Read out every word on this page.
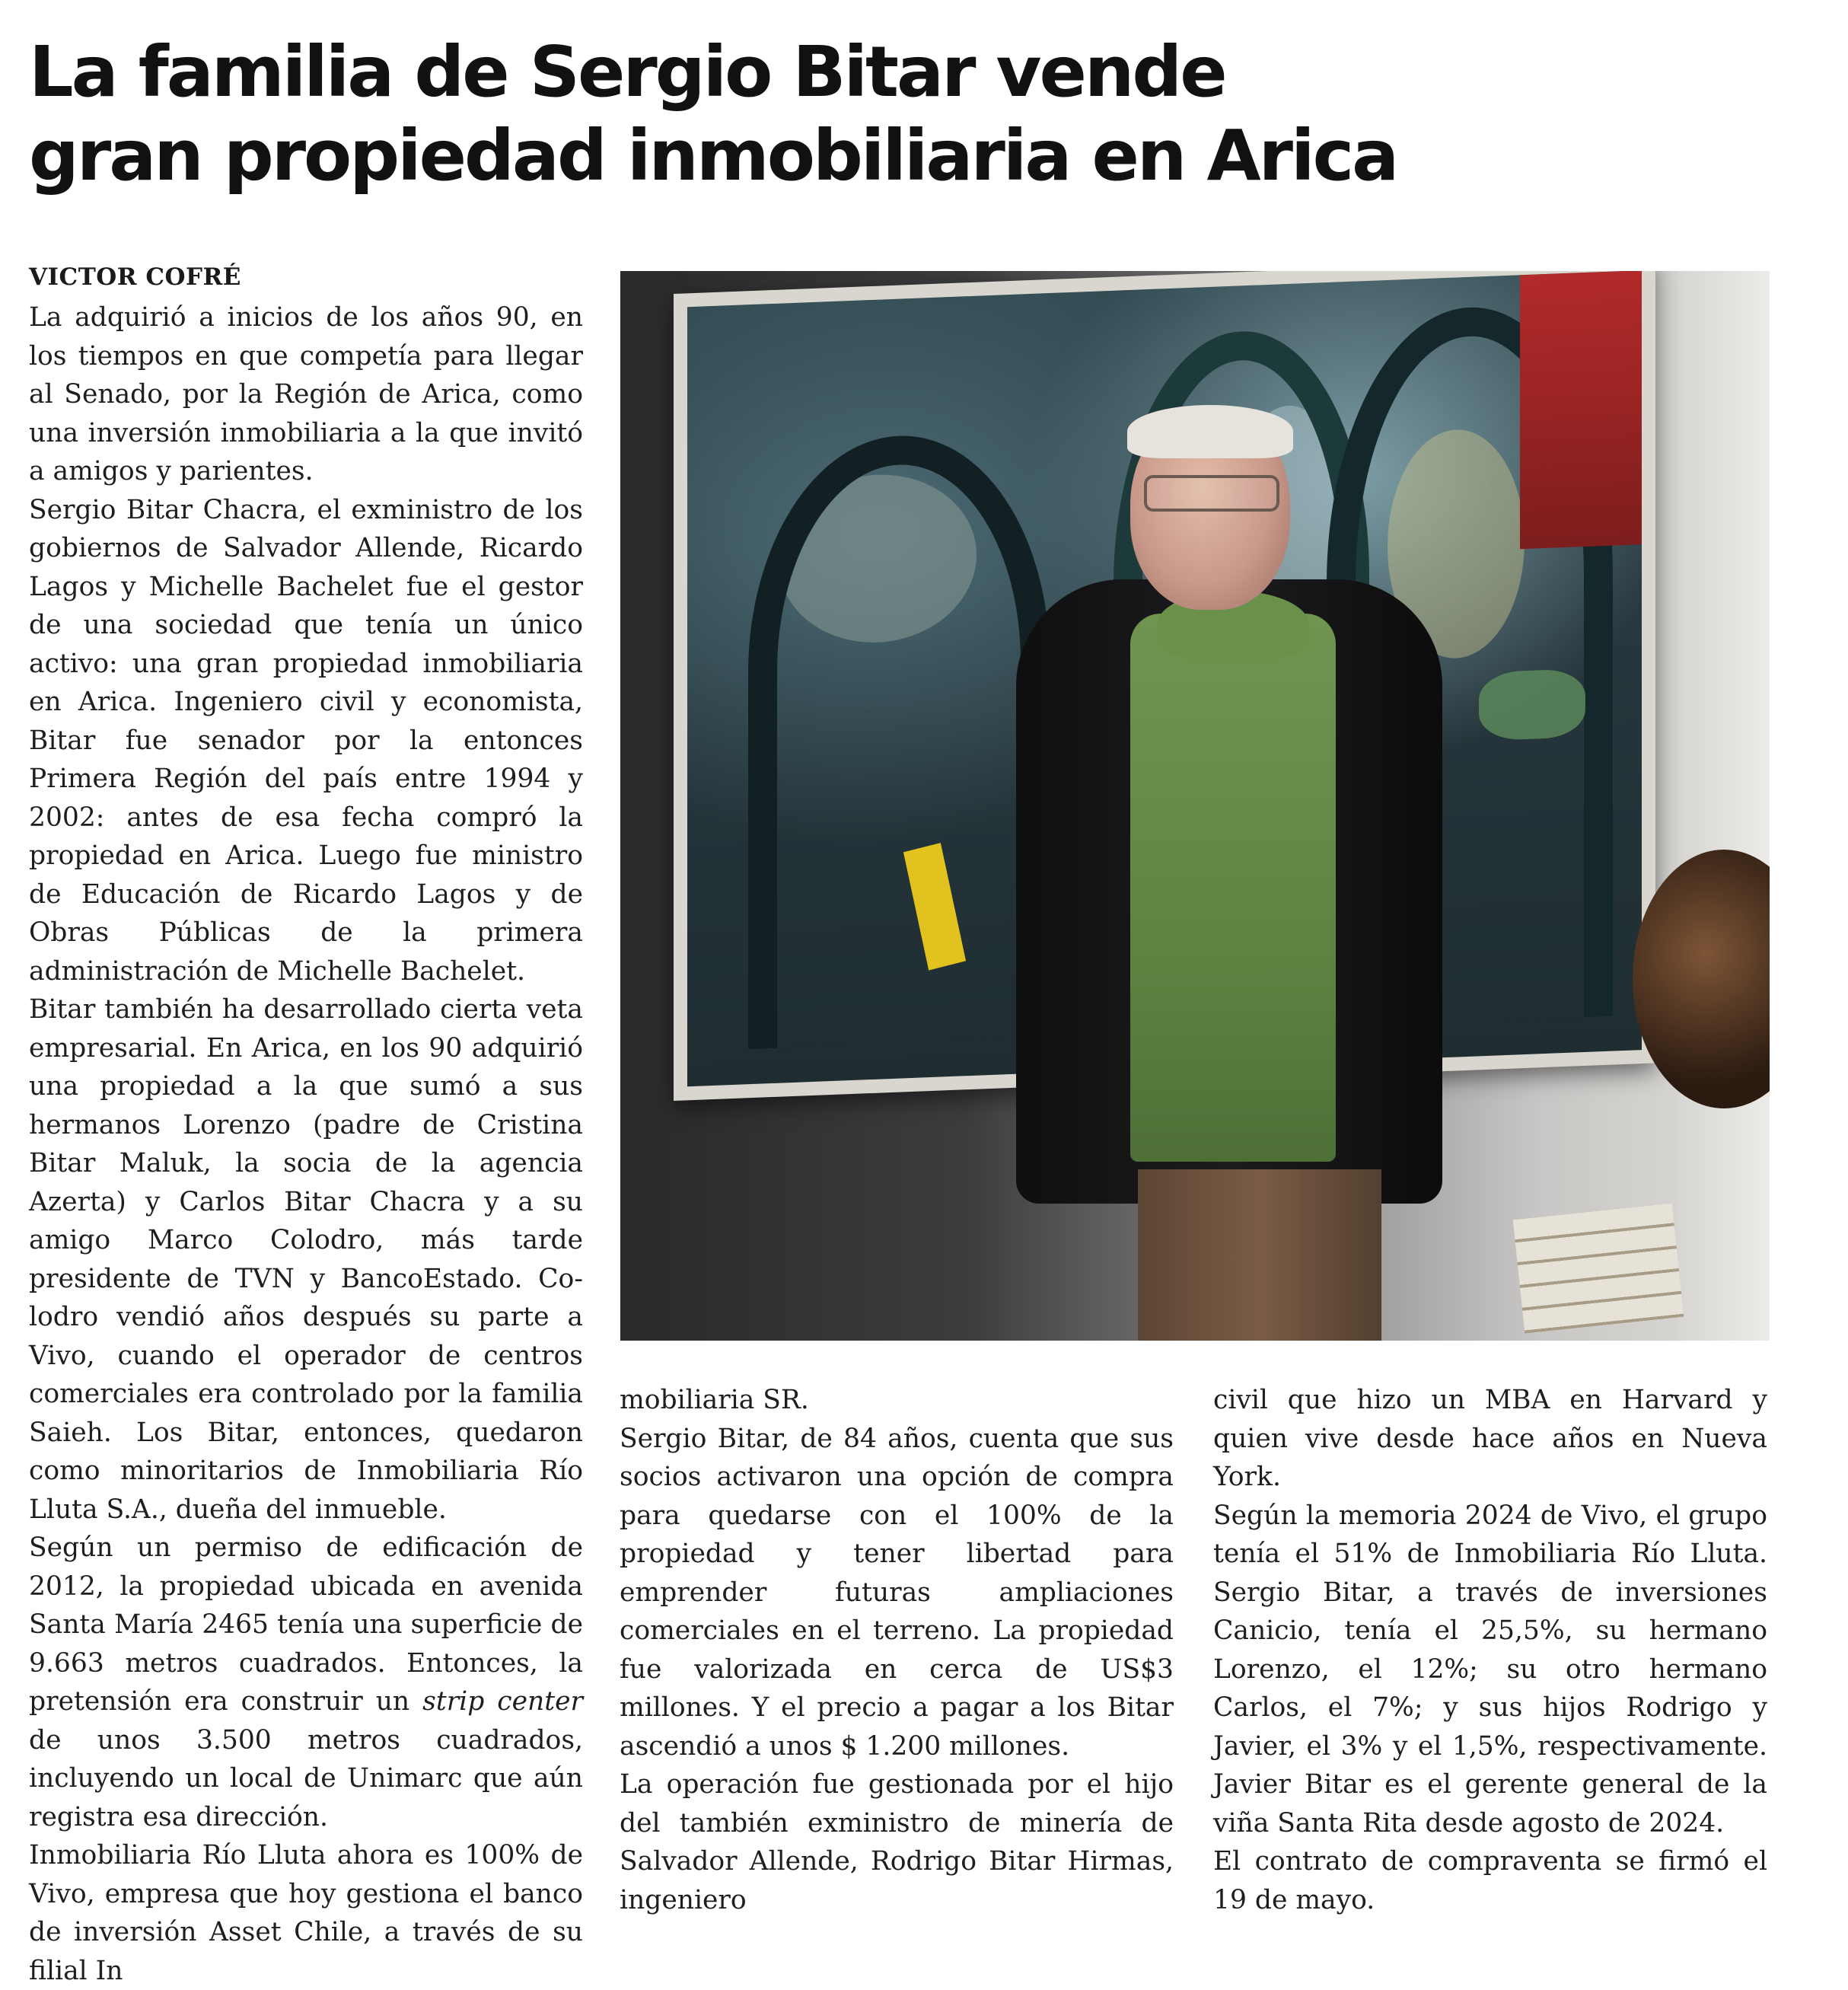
La familia de Sergio Bitar vende
gran propiedad inmobiliaria en Arica
VICTOR COFRÉ

La adquirió a inicios de los años 90, en los tiempos en que competía para llegar al Senado, por la Región de Arica, como una inversión inmobiliaria a la que invitó a amigos y parientes.

Sergio Bitar Chacra, el exministro de los gobiernos de Salvador Allende, Ricardo Lagos y Michelle Bachelet fue el gestor de una sociedad que tenía un único activo: una gran propiedad inmobiliaria en Arica. Ingeniero civil y economista, Bitar fue senador por la entonces Primera Región del país entre 1994 y 2002: antes de esa fecha compró la propiedad en Arica. Luego fue ministro de Educación de Ricardo Lagos y de Obras Públicas de la primera administración de Michelle Bachelet.

Bitar también ha desarrollado cierta veta empresarial. En Arica, en los 90 adquirió una propiedad a la que sumó a sus hermanos Lorenzo (padre de Cristina Bitar Maluk, la socia de la agencia Azerta) y Carlos Bitar Chacra y a su amigo Marco Colodro, más tarde presidente de TVN y BancoEstado. Colodro vendió años después su parte a Vivo, cuando el operador de centros comerciales era controlado por la familia Saieh. Los Bitar, entonces, quedaron como minoritarios de Inmobiliaria Río Lluta S.A., dueña del inmueble.

Según un permiso de edificación de 2012, la propiedad ubicada en avenida Santa María 2465 tenía una superficie de 9.663 metros cuadrados. Entonces, la pretensión era construir un strip center de unos 3.500 metros cuadrados, incluyendo un local de Unimarc que aún registra esa dirección.

Inmobiliaria Río Lluta ahora es 100% de Vivo, empresa que hoy gestiona el banco de inversión Asset Chile, a través de su filial In

mobiliaria SR.

Sergio Bitar, de 84 años, cuenta que sus socios activaron una opción de compra para quedarse con el 100% de la propiedad y tener libertad para emprender futuras ampliaciones comerciales en el terreno. La propiedad fue valorizada en cerca de US$3 millones. Y el precio a pagar a los Bitar ascendió a unos $ 1.200 millones.

La operación fue gestionada por el hijo del también exministro de minería de Salvador Allende, Rodrigo Bitar Hirmas, ingeniero

civil que hizo un MBA en Harvard y quien vive desde hace años en Nueva York.

Según la memoria 2024 de Vivo, el grupo tenía el 51% de Inmobiliaria Río Lluta. Sergio Bitar, a través de inversiones Canicio, tenía el 25,5%, su hermano Lorenzo, el 12%; su otro hermano Carlos, el 7%; y sus hijos Rodrigo y Javier, el 3% y el 1,5%, respectivamente. Javier Bitar es el gerente general de la viña Santa Rita desde agosto de 2024.

El contrato de compraventa se firmó el 19 de mayo.
